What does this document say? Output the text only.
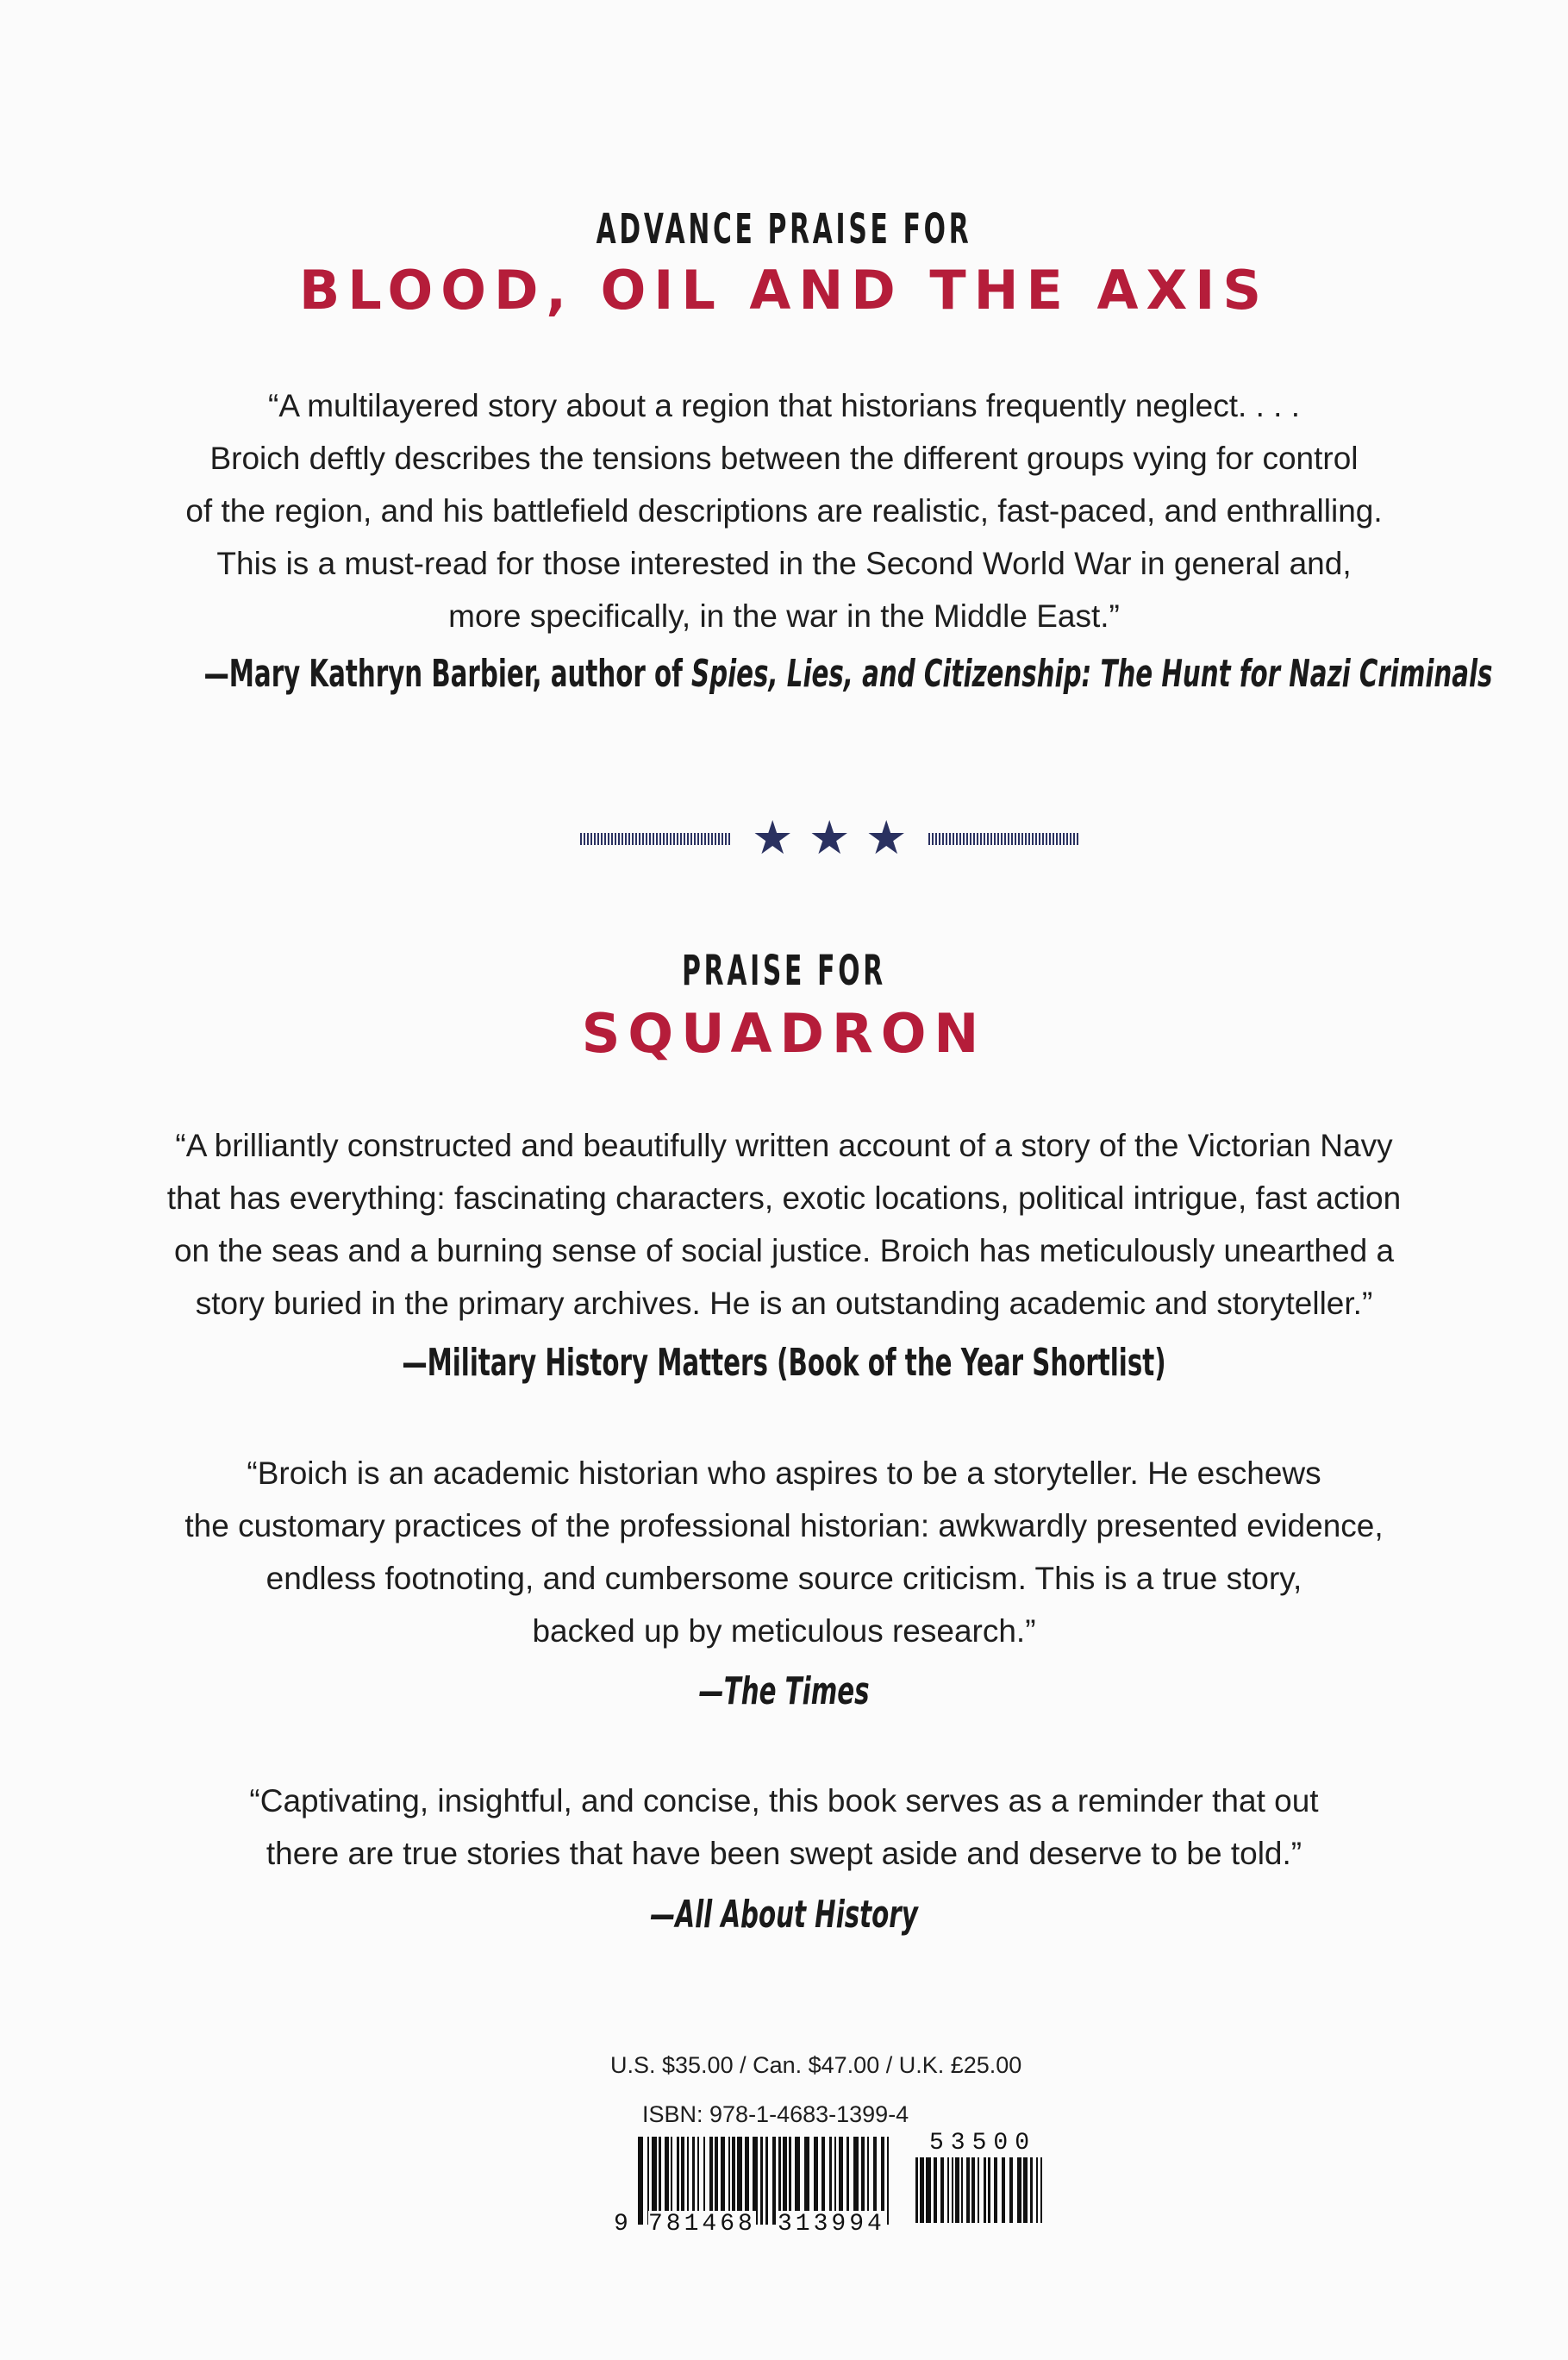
ADVANCE PRAISE FOR
BLOOD, OIL AND THE AXIS
“A multilayered story about a region that historians frequently neglect. . . .
Broich deftly describes the tensions between the different groups vying for control
of the region, and his battlefield descriptions are realistic, fast-paced, and enthralling.
This is a must-read for those interested in the Second World War in general and,
more specifically, in the war in the Middle East.”
—Mary Kathryn Barbier, author of Spies, Lies, and Citizenship: The Hunt for Nazi Criminals
★ ★ ★
PRAISE FOR
SQUADRON
“A brilliantly constructed and beautifully written account of a story of the Victorian Navy
that has everything: fascinating characters, exotic locations, political intrigue, fast action
on the seas and a burning sense of social justice. Broich has meticulously unearthed a
story buried in the primary archives. He is an outstanding academic and storyteller.”
—Military History Matters (Book of the Year Shortlist)
“Broich is an academic historian who aspires to be a storyteller. He eschews
the customary practices of the professional historian: awkwardly presented evidence,
endless footnoting, and cumbersome source criticism. This is a true story,
backed up by meticulous research.”
—The Times
“Captivating, insightful, and concise, this book serves as a reminder that out
there are true stories that have been swept aside and deserve to be told.”
—All About History
U.S. $35.00 / Can. $47.00 / U.K. £25.00
ISBN: 978-1-4683-1399-4
9 781468 313994
53500
